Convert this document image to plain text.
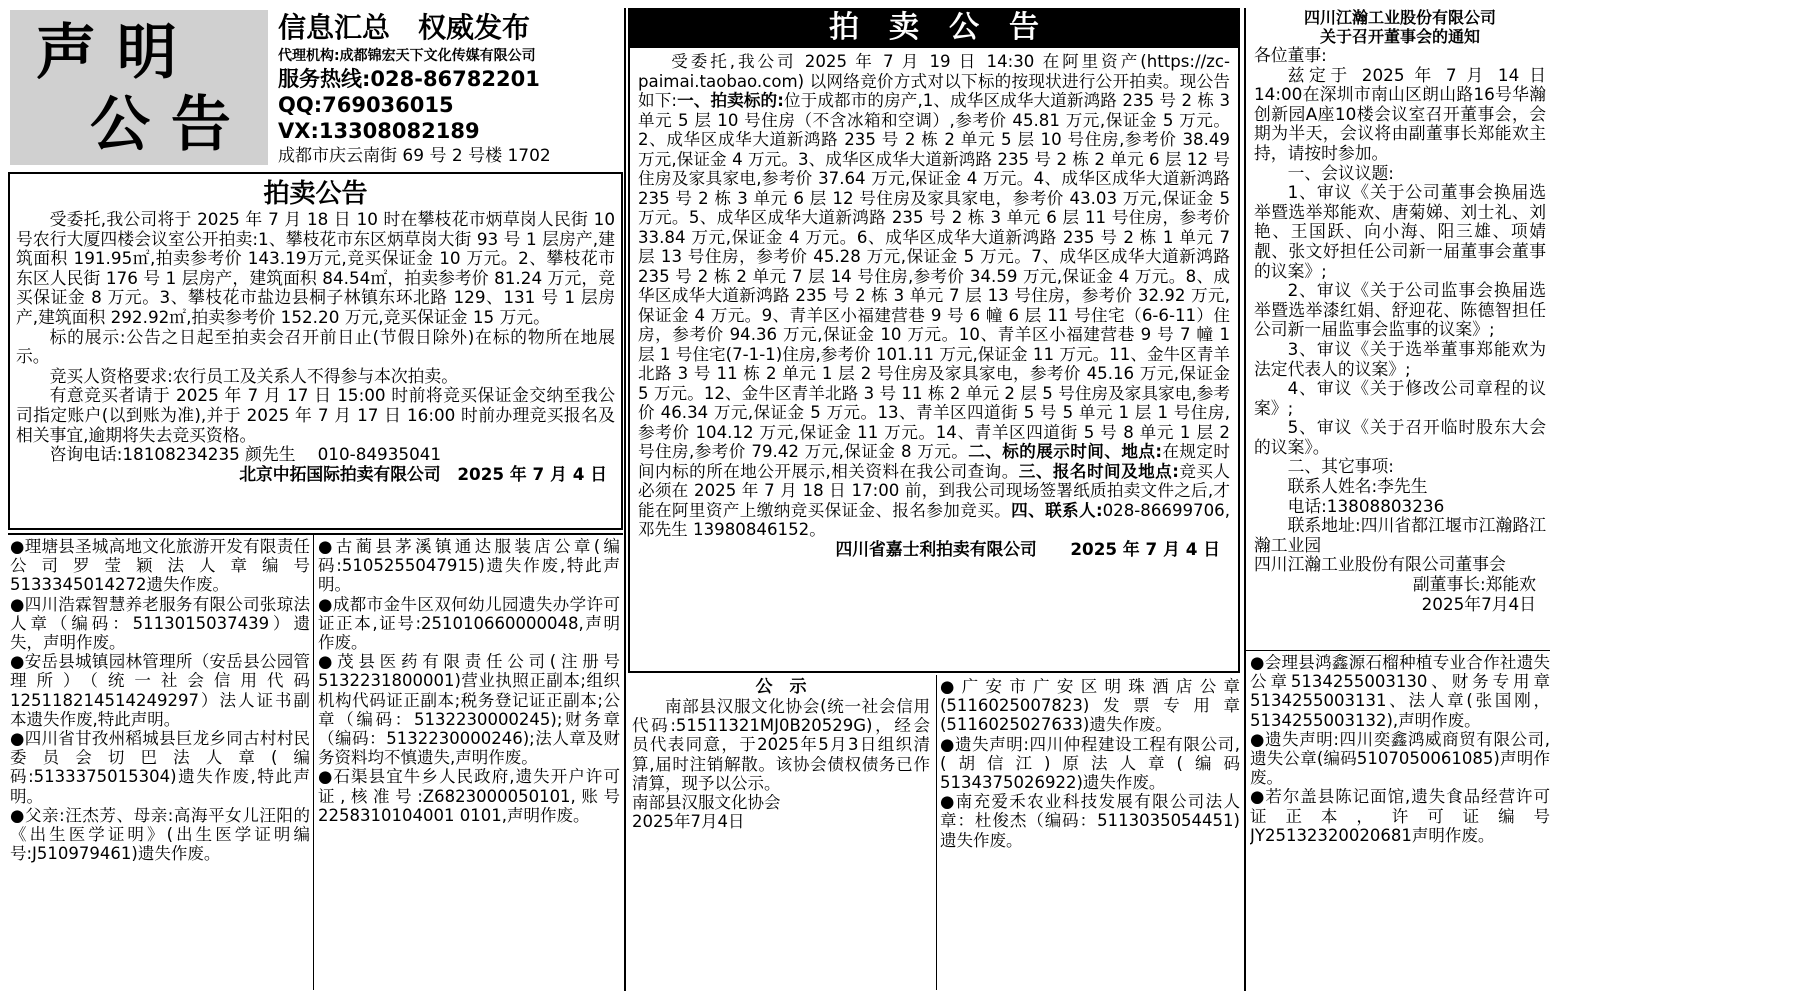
声 明
公 告
信息汇总　权威发布
代理机构:成都锦宏天下文化传媒有限公司
服务热线:028-86782201
QQ:769036015
VX:13308082189
成都市庆云南街 69 号 2 号楼 1702
拍卖公告

受委托,我公司将于 2025 年 7 月 18 日 10 时在攀枝花市炳草岗人民街 10 号农行大厦四楼会议室公开拍卖:1、攀枝花市东区炳草岗大街 93 号 1 层房产,建筑面积 191.95㎡,拍卖参考价 143.19万元,竞买保证金 10 万元。2、攀枝花市东区人民街 176 号 1 层房产，建筑面积 84.54㎡，拍卖参考价 81.24 万元，竞买保证金 8 万元。3、攀枝花市盐边县桐子林镇东环北路 129、131 号 1 层房产,建筑面积 292.92㎡,拍卖参考价 152.20 万元,竞买保证金 15 万元。

标的展示:公告之日起至拍卖会召开前日止(节假日除外)在标的物所在地展示。

竞买人资格要求:农行员工及关系人不得参与本次拍卖。

有意竞买者请于 2025 年 7 月 17 日 15:00 时前将竞买保证金交纳至我公司指定账户(以到账为准),并于 2025 年 7 月 17 日 16:00 时前办理竞买报名及相关事宜,逾期将失去竞买资格。

咨询电话:18108234235 颜先生　 010-84935041

北京中拓国际拍卖有限公司　2025 年 7 月 4 日

拍　卖　公　告

受委托,我公司 2025 年 7 月 19 日 14:30 在阿里资产(https://zc-paimai.taobao.com) 以网络竞价方式对以下标的按现状进行公开拍卖。现公告如下:一、拍卖标的:位于成都市的房产,1、成华区成华大道新鸿路 235 号 2 栋 3 单元 5 层 10 号住房（不含冰箱和空调）,参考价 45.81 万元,保证金 5 万元。2、成华区成华大道新鸿路 235 号 2 栋 2 单元 5 层 10 号住房,参考价 38.49 万元,保证金 4 万元。3、成华区成华大道新鸿路 235 号 2 栋 2 单元 6 层 12 号住房及家具家电,参考价 37.64 万元,保证金 4 万元。4、成华区成华大道新鸿路 235 号 2 栋 3 单元 6 层 12 号住房及家具家电，参考价 43.03 万元,保证金 5 万元。5、成华区成华大道新鸿路 235 号 2 栋 3 单元 6 层 11 号住房，参考价 33.84 万元,保证金 4 万元。6、成华区成华大道新鸿路 235 号 2 栋 1 单元 7 层 13 号住房，参考价 45.28 万元,保证金 5 万元。7、成华区成华大道新鸿路 235 号 2 栋 2 单元 7 层 14 号住房,参考价 34.59 万元,保证金 4 万元。8、成华区成华大道新鸿路 235 号 2 栋 3 单元 7 层 13 号住房，参考价 32.92 万元,保证金 4 万元。9、青羊区小福建营巷 9 号 6 幢 6 层 11 号住宅（6-6-11）住房，参考价 94.36 万元,保证金 10 万元。10、青羊区小福建营巷 9 号 7 幢 1 层 1 号住宅(7-1-1)住房,参考价 101.11 万元,保证金 11 万元。11、金牛区青羊北路 3 号 11 栋 2 单元 1 层 2 号住房及家具家电，参考价 45.16 万元,保证金 5 万元。12、金牛区青羊北路 3 号 11 栋 2 单元 2 层 5 号住房及家具家电,参考价 46.34 万元,保证金 5 万元。13、青羊区四道街 5 号 5 单元 1 层 1 号住房,参考价 104.12 万元,保证金 11 万元。14、青羊区四道街 5 号 8 单元 1 层 2 号住房,参考价 79.42 万元,保证金 8 万元。二、标的展示时间、地点:在规定时间内标的所在地公开展示,相关资料在我公司查询。三、报名时间及地点:竞买人必须在 2025 年 7 月 18 日 17:00 前，到我公司现场签署纸质拍卖文件之后,才能在阿里资产上缴纳竞买保证金、报名参加竞买。四、联系人:028-86699706,邓先生 13980846152。

四川省嘉士利拍卖有限公司　　2025 年 7 月 4 日

四川江瀚工业股份有限公司
关于召开董事会的通知

各位董事:

兹定于 2025 年 7 月 14 日 14:00在深圳市南山区朗山路16号华瀚创新园A座10楼会议室召开董事会，会期为半天，会议将由副董事长郑能欢主持，请按时参加。

一、会议议题:

1、审议《关于公司董事会换届选举暨选举郑能欢、唐菊娣、刘士礼、刘艳、王国跃、向小海、阳三雄、项婧靓、张文妤担任公司新一届董事会董事的议案》;

2、审议《关于公司监事会换届选举暨选举漆红娟、舒迎花、陈德智担任公司新一届监事会监事的议案》;

3、审议《关于选举董事郑能欢为法定代表人的议案》;

4、审议《关于修改公司章程的议案》;

5、审议《关于召开临时股东大会的议案》。

二、其它事项:

联系人姓名:李先生

电话:13808803236

联系地址:四川省都江堰市江瀚路江瀚工业园

四川江瀚工业股份有限公司董事会

副董事长:郑能欢

2025年7月4日

●理塘县圣城高地文化旅游开发有限责任公司罗莹颖法人章编号5133345014272遗失作废。

●四川浩霖智慧养老服务有限公司张琼法人章（编码：5113015037439）遗失，声明作废。

●安岳县城镇园林管理所（安岳县公园管理所）（统一社会信用代码12511821451424929​7）法人证书副本遗失作废,特此声明。

●四川省甘孜州稻城县巨龙乡同古村村民委员会切巴法人章(编码:5133375015304)遗失作废,特此声明。

●父亲:汪杰芳、母亲:高海平女儿汪阳的《出生医学证明》(出生医学证明编号:J510979461)遗失作废。

●古蔺县茅溪镇通达服装店公章(编码:5105255047915)遗失作废,特此声明。

●成都市金牛区双何幼儿园遗失办学许可证正本,证号:251010660000048,声明作废。

●茂县医药有限责任公司(注册号5132231800001)营业执照正副本;组织机构代码证正副本;税务登记证正副本;公章（编码：5132230000245);财务章（编码：513223000024​6);法人章及财务资料均不慎遗失,声明作废。

●石渠县宜牛乡人民政府,遗失开户许可证,核准号:Z6823000050101,账号2258310104001 0101,声明作废。

公　示

南部县汉服文化协会(统一社会信用代码:51511321MJ0B20529G)，经会员代表同意，于2025年5月3日组织清算,届时注销解散。该协会债权债务已作清算，现予以公示。

南部县汉服文化协会

2025年7月4日

●广安市广安区明珠酒店公章(5116025007823)发票专用章(5116025027633)遗失作废。

●遗失声明:四川仲程建设工程有限公司,(胡信江)原法人章(编码5134375026922)遗失作废。

●南充爱禾农业科技发展有限公司法人章：杜俊杰（编码：5113035054451)遗失作废。

●会理县鸿鑫源石榴种植专业合作社遗失公章5134255003130、财务专用章5134255003131、法人章(张国刚，5134255003132),声明作废。

●遗失声明:四川奕鑫鸿威商贸有限公司,遗失公章(编码5107050061085)声明作废。

●若尔盖县陈记面馆,遗失食品经营许可证正本，许可证编号JY25132320020681声明作废。
